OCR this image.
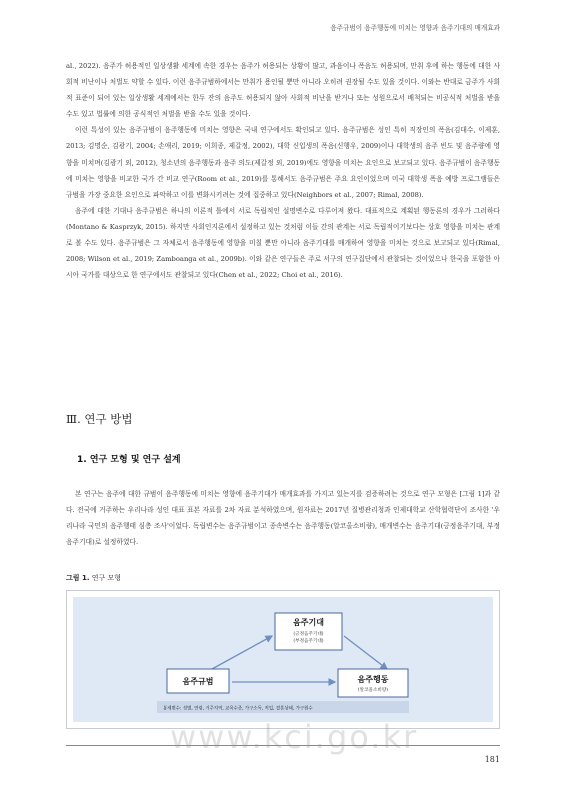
음주규범이 음주행동에 미치는 영향과 음주기대의 매개효과

al., 2022). 음주가 허용적인 일상생활 세계에 속한 경우는 음주가 허용되는 상황이 많고, 과음이나 폭음도 허용되며, 만취 후에 하는 행동에 대한 사회적 비난이나 처벌도 약할 수 있다. 이런 음주규범하에서는 만취가 용인될 뿐만 아니라 오히려 권장될 수도 있을 것이다. 이와는 반대로 금주가 사회적 표준이 되어 있는 일상생활 세계에서는 한두 잔의 음주도 허용되지 않아 사회적 비난을 받거나 또는 성원으로서 배척되는 비공식적 처벌을 받을 수도 있고 법률에 의한 공식적인 처벌을 받을 수도 있을 것이다.

이런 특성이 있는 음주규범이 음주행동에 미치는 영향은 국내 연구에서도 확인되고 있다. 음주규범은 성인 특히 직장인의 폭음(김대수, 이제훈, 2013; 김명순, 김광기, 2004; 손애리, 2019; 이희종, 제갈정, 2002), 대학 신입생의 폭음(신행우, 2009)이나 대학생의 음주 빈도 및 음주량에 영향을 미치며(김광기 외, 2012), 청소년의 음주행동과 음주 의도(제갈정 외, 2019)에도 영향을 미치는 요인으로 보고되고 있다. 음주규범이 음주행동에 미치는 영향을 비교한 국가 간 비교 연구(Room et al., 2019)를 통해서도 음주규범은 주요 요인이었으며 미국 대학생 폭음 예방 프로그램들은 규범을 가장 중요한 요인으로 파악하고 이를 변화시키려는 것에 집중하고 있다(Neighbors et al., 2007; Rimal, 2008).

음주에 대한 기대나 음주규범은 하나의 이론적 틀에서 서로 독립적인 설명변수로 다루어져 왔다. 대표적으로 계획된 행동론의 경우가 그러하다(Montano & Kasprzyk, 2015). 하지만 사회인지론에서 설정하고 있는 것처럼 이들 간의 관계는 서로 독립적이기보다는 상호 영향을 미치는 관계로 볼 수도 있다. 음주규범은 그 자체로서 음주행동에 영향을 미칠 뿐만 아니라 음주기대를 매개하여 영향을 미치는 것으로 보고되고 있다(Rimal, 2008; Wilson et al., 2019; Zamboanga et al., 2009b). 이와 같은 연구들은 주로 서구의 연구집단에서 관찰되는 것이었으나 한국을 포함한 아시아 국가를 대상으로 한 연구에서도 관찰되고 있다(Chen et al., 2022; Choi et al., 2016).

Ⅲ. 연구 방법
1. 연구 모형 및 연구 설계

본 연구는 음주에 대한 규범이 음주행동에 미치는 영향에 음주기대가 매개효과를 가지고 있는지를 검증하려는 것으로 연구 모형은 [그림 1]과 같다. 전국에 거주하는 우리나라 성인 대표 표본 자료를 2차 자료 분석하였으며, 원자료는 2017년 질병관리청과 인제대학교 산학협력단이 조사한 '우리나라 국민의 음주행태 심층 조사'이었다. 독립변수는 음주규범이고 종속변수는 음주행동(알코올소비량), 매개변수는 음주기대(긍정음주기대, 부정음주기대)로 설정하였다.

그림 1. 연구 모형
음주기대
(긍정음주기대)
(부정음주기대)
음주규범	음주행동
(알코올소비량)
통제변수: 성별, 연령, 거주지역, 교육수준, 가구소득, 직업, 결혼상태, 가구원수
www.kci.go.kr
181
